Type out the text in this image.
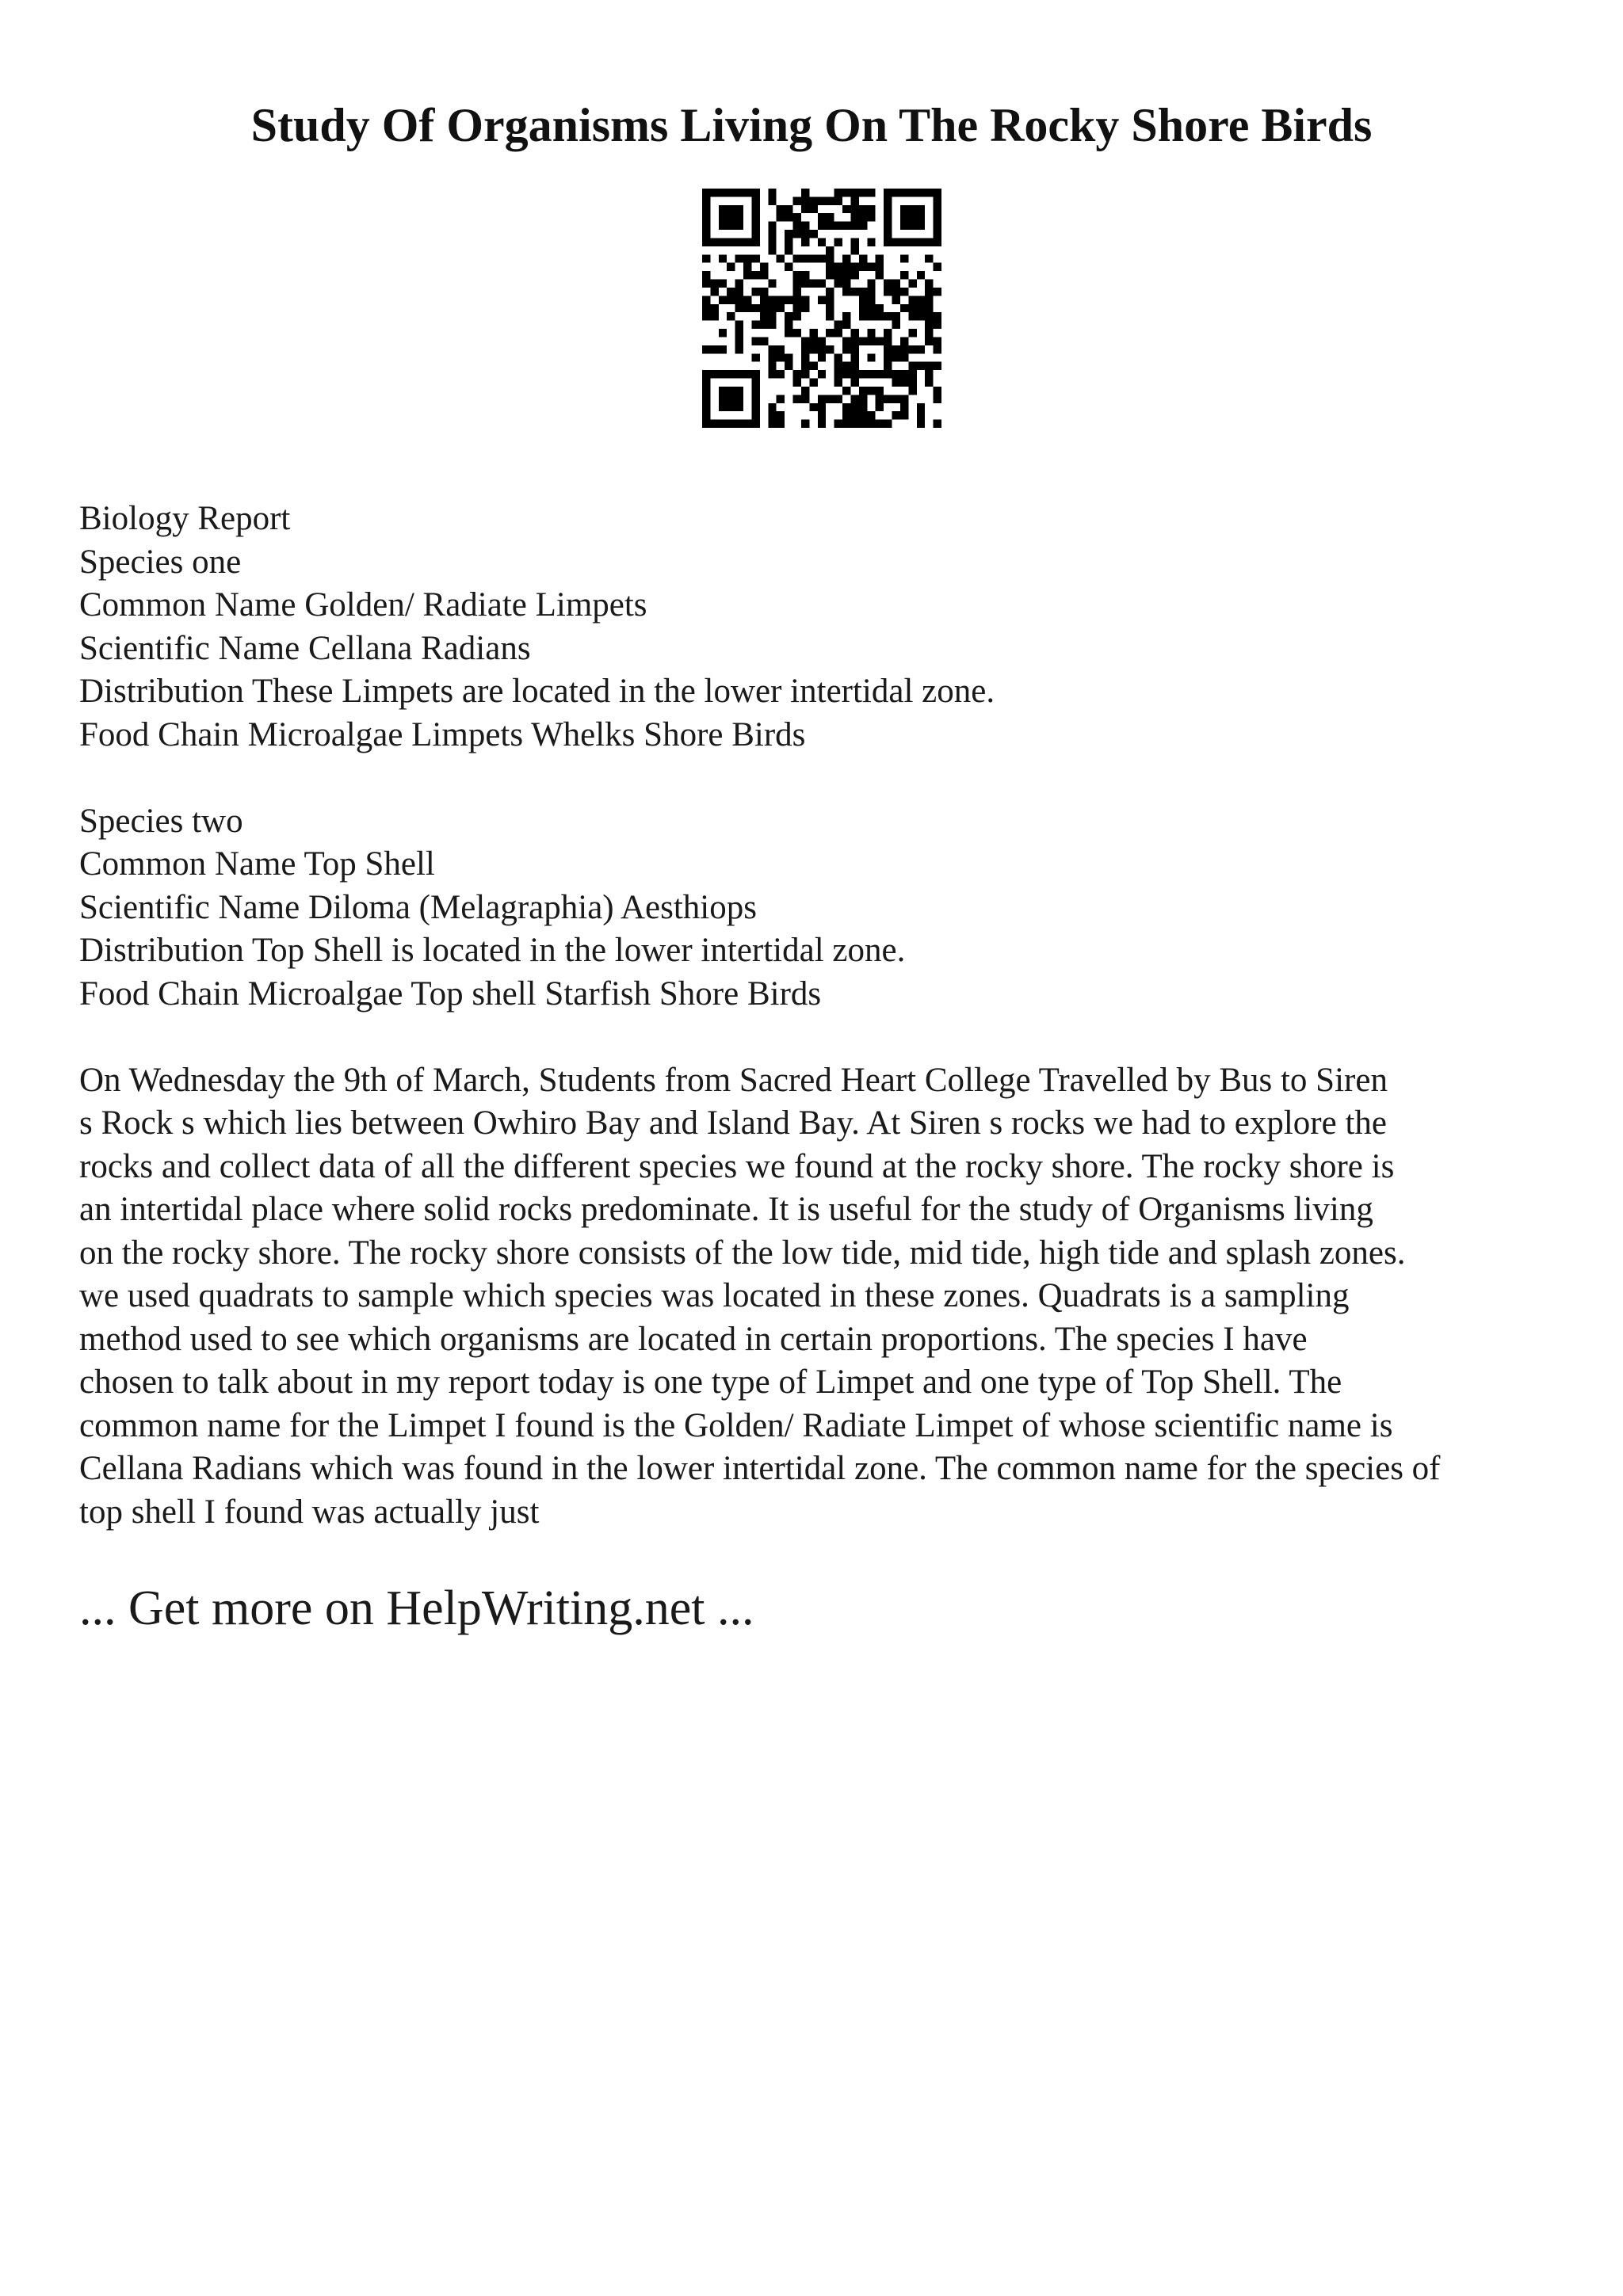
Study Of Organisms Living On The Rocky Shore Birds
Biology Report
Species one
Common Name Golden/ Radiate Limpets
Scientific Name Cellana Radians
Distribution These Limpets are located in the lower intertidal zone.
Food Chain Microalgae Limpets Whelks Shore Birds
Species two
Common Name Top Shell
Scientific Name Diloma (Melagraphia) Aesthiops
Distribution Top Shell is located in the lower intertidal zone.
Food Chain Microalgae Top shell Starfish Shore Birds
On Wednesday the 9th of March, Students from Sacred Heart College Travelled by Bus to Siren
s Rock s which lies between Owhiro Bay and Island Bay. At Siren s rocks we had to explore the
rocks and collect data of all the different species we found at the rocky shore. The rocky shore is
an intertidal place where solid rocks predominate. It is useful for the study of Organisms living
on the rocky shore. The rocky shore consists of the low tide, mid tide, high tide and splash zones.
we used quadrats to sample which species was located in these zones. Quadrats is a sampling
method used to see which organisms are located in certain proportions. The species I have
chosen to talk about in my report today is one type of Limpet and one type of Top Shell. The
common name for the Limpet I found is the Golden/ Radiate Limpet of whose scientific name is
Cellana Radians which was found in the lower intertidal zone. The common name for the species of
top shell I found was actually just
... Get more on HelpWriting.net ...
